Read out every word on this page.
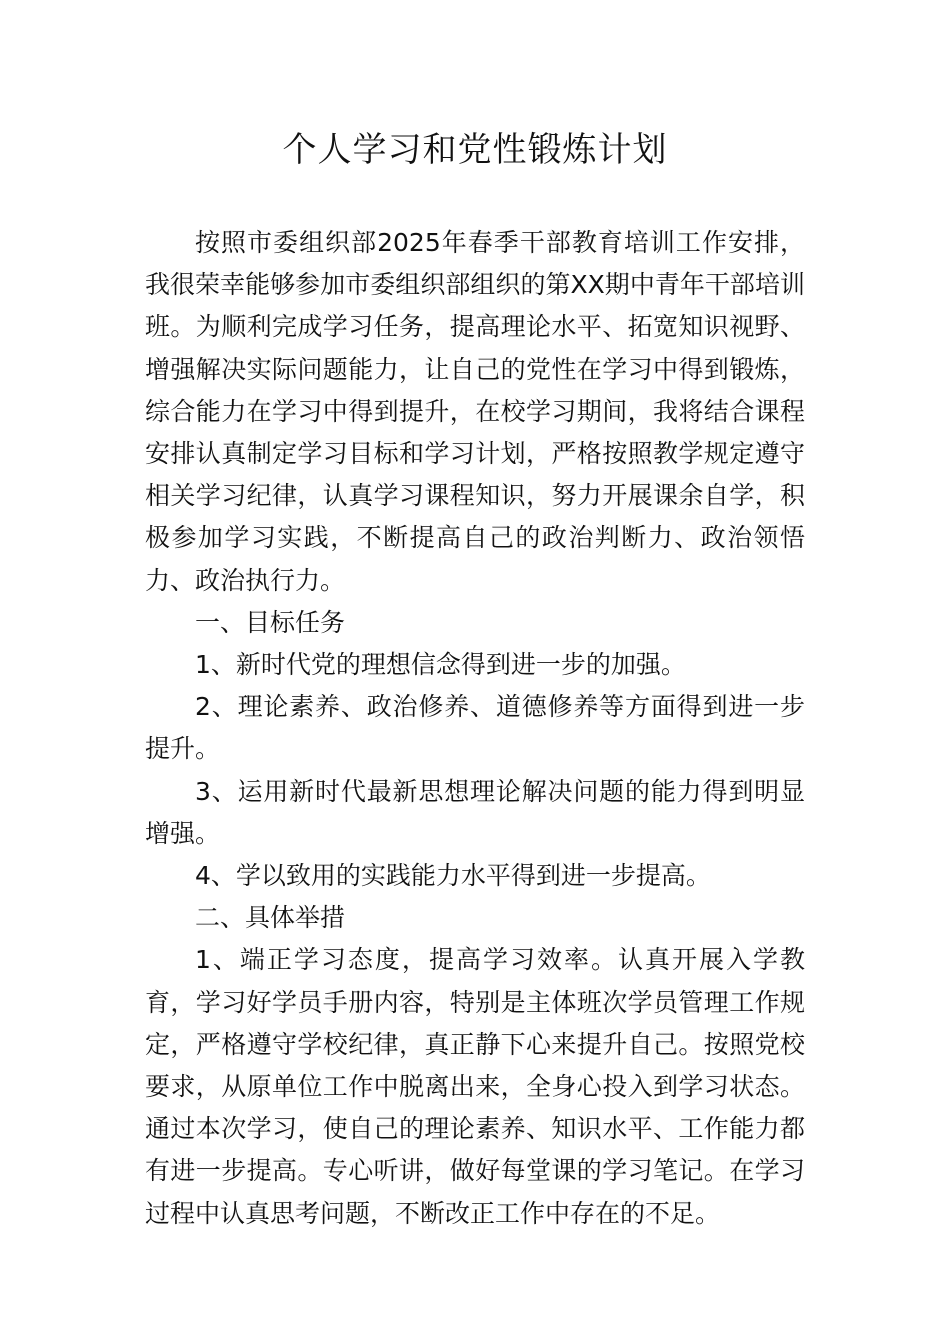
个人学习和党性锻炼计划

按照市委组织部2025年春季干部教育培训工作安排，我很荣幸能够参加市委组织部组织的第XX期中青年干部培训班。为顺利完成学习任务，提高理论水平、拓宽知识视野、增强解决实际问题能力，让自己的党性在学习中得到锻炼，综合能力在学习中得到提升，在校学习期间，我将结合课程安排认真制定学习目标和学习计划，严格按照教学规定遵守相关学习纪律，认真学习课程知识，努力开展课余自学，积极参加学习实践，不断提高自己的政治判断力、政治领悟力、政治执行力。

一、目标任务

1、新时代党的理想信念得到进一步的加强。

2、理论素养、政治修养、道德修养等方面得到进一步提升。

3、运用新时代最新思想理论解决问题的能力得到明显增强。

4、学以致用的实践能力水平得到进一步提高。

二、具体举措

1、端正学习态度，提高学习效率。认真开展入学教育，学习好学员手册内容，特别是主体班次学员管理工作规定，严格遵守学校纪律，真正静下心来提升自己。按照党校要求，从原单位工作中脱离出来，全身心投入到学习状态。通过本次学习，使自己的理论素养、知识水平、工作能力都有进一步提高。专心听讲，做好每堂课的学习笔记。在学习过程中认真思考问题，不断改正工作中存在的不足。
